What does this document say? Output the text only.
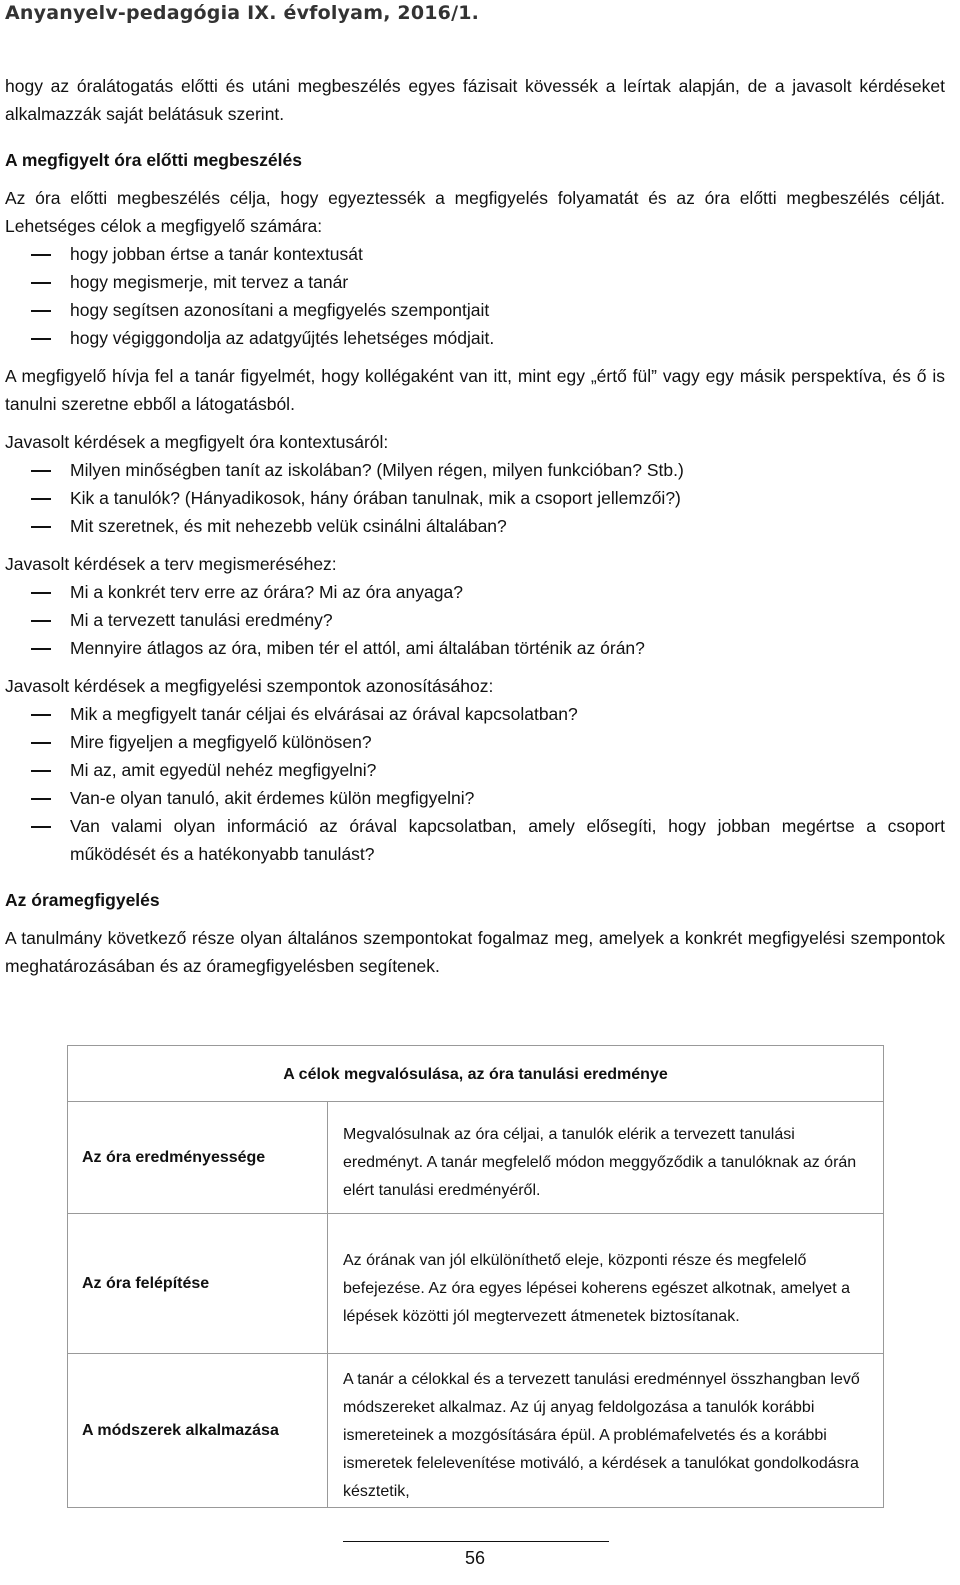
Anyanyelv-pedagógia IX. évfolyam, 2016/1.

hogy az óralátogatás előtti és utáni megbeszélés egyes fázisait kövessék a leírtak alapján, de a javasolt kérdéseket alkalmazzák saját belátásuk szerint.

A megfigyelt óra előtti megbeszélés

Az óra előtti megbeszélés célja, hogy egyeztessék a megfigyelés folyamatát és az óra előtti megbeszélés célját. Lehetséges célok a megfigyelő számára:

hogy jobban értse a tanár kontextusát
hogy megismerje, mit tervez a tanár
hogy segítsen azonosítani a megfigyelés szempontjait
hogy végiggondolja az adatgyűjtés lehetséges módjait.

A megfigyelő hívja fel a tanár figyelmét, hogy kollégaként van itt, mint egy „értő fül” vagy egy másik perspektíva, és ő is tanulni szeretne ebből a látogatásból.

Javasolt kérdések a megfigyelt óra kontextusáról:

Milyen minőségben tanít az iskolában? (Milyen régen, milyen funkcióban? Stb.)
Kik a tanulók? (Hányadikosok, hány órában tanulnak, mik a csoport jellemzői?)
Mit szeretnek, és mit nehezebb velük csinálni általában?

Javasolt kérdések a terv megismeréséhez:

Mi a konkrét terv erre az órára? Mi az óra anyaga?
Mi a tervezett tanulási eredmény?
Mennyire átlagos az óra, miben tér el attól, ami általában történik az órán?

Javasolt kérdések a megfigyelési szempontok azonosításához:

Mik a megfigyelt tanár céljai és elvárásai az órával kapcsolatban?
Mire figyeljen a megfigyelő különösen?
Mi az, amit egyedül nehéz megfigyelni?
Van-e olyan tanuló, akit érdemes külön megfigyelni?
Van valami olyan információ az órával kapcsolatban, amely elősegíti, hogy jobban megértse a csoport működését és a hatékonyabb tanulást?

Az óramegfigyelés

A tanulmány következő része olyan általános szempontokat fogalmaz meg, amelyek a konkrét megfigyelési szempontok meghatározásában és az óramegfigyelésben segítenek.

A célok megvalósulása, az óra tanulási eredménye	
Az óra eredményessége	Megvalósulnak az óra céljai, a tanulók elérik a tervezett tanulási eredményt. A tanár megfelelő módon meggyőződik a tanulóknak az órán elért tanulási eredményéről.
Az óra felépítése	Az órának van jól elkülöníthető eleje, központi része és megfelelő befejezése. Az óra egyes lépései koherens egészet alkotnak, amelyet a lépések közötti jól megtervezett átmenetek biztosítanak.
A módszerek alkalmazása	A tanár a célokkal és a tervezett tanulási eredménnyel összhangban levő módszereket alkalmaz. Az új anyag feldolgozása a tanulók korábbi ismereteinek a mozgósítására épül. A problémafelvetés és a korábbi ismeretek felelevenítése motiváló, a kérdések a tanulókat gondolkodásra késztetik,
56
